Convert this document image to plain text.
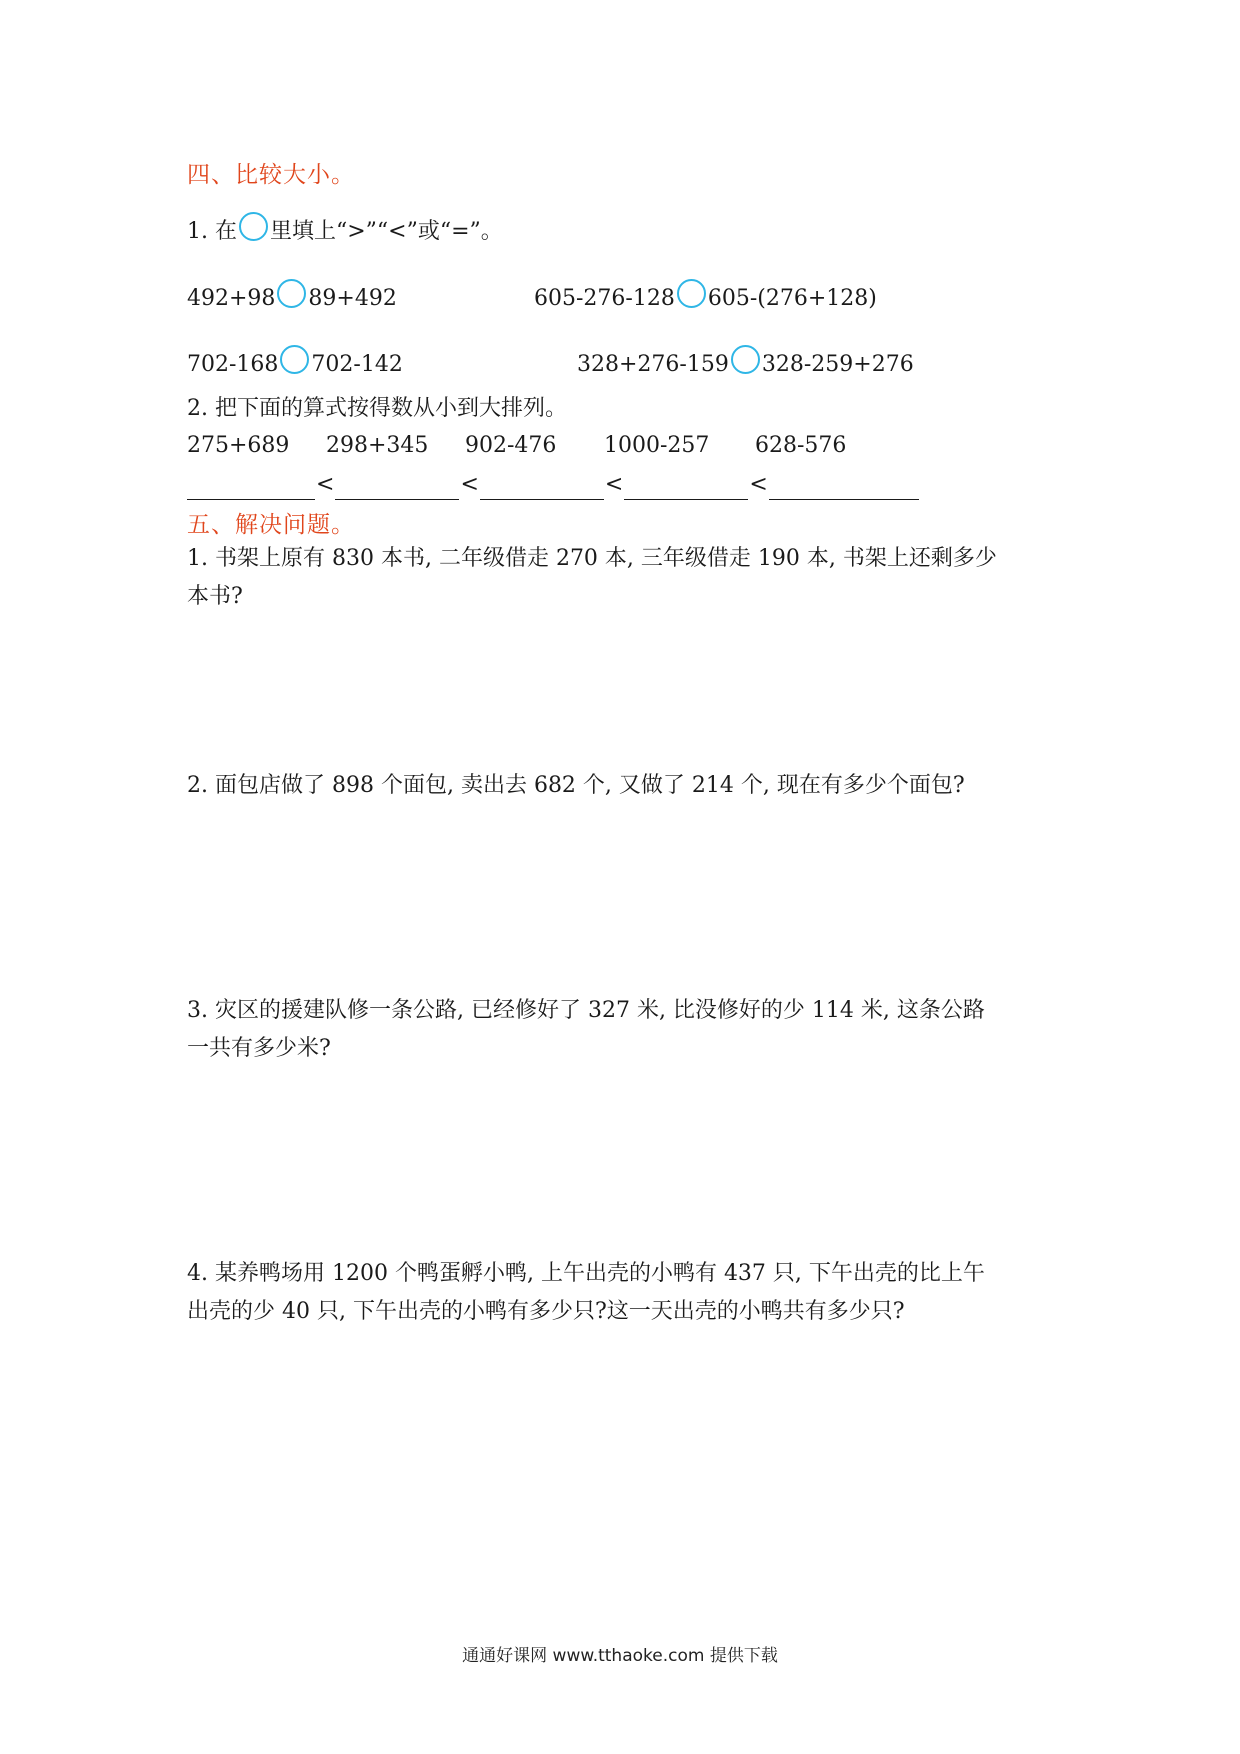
四、比较大小。
1. 在 里填上“>”“<”或“=”。
492+98 89+492	605-276-128 605-(276+128)
702-168 702-142	328+276-159 328-259+276
2. 把下面的算式按得数从小到大排列。
275+689 298+345 902-476 1000-257 628-576
<	<	<	<
五、解决问题。
1. 书架上原有 830 本书, 二年级借走 270 本, 三年级借走 190 本, 书架上还剩多少
本书?
2. 面包店做了 898 个面包, 卖出去 682 个, 又做了 214 个, 现在有多少个面包?
3. 灾区的援建队修一条公路, 已经修好了 327 米, 比没修好的少 114 米, 这条公路
一共有多少米?
4. 某养鸭场用 1200 个鸭蛋孵小鸭, 上午出壳的小鸭有 437 只, 下午出壳的比上午
出壳的少 40 只, 下午出壳的小鸭有多少只?这一天出壳的小鸭共有多少只?
通通好课网 www.tthaoke.com 提供下载
